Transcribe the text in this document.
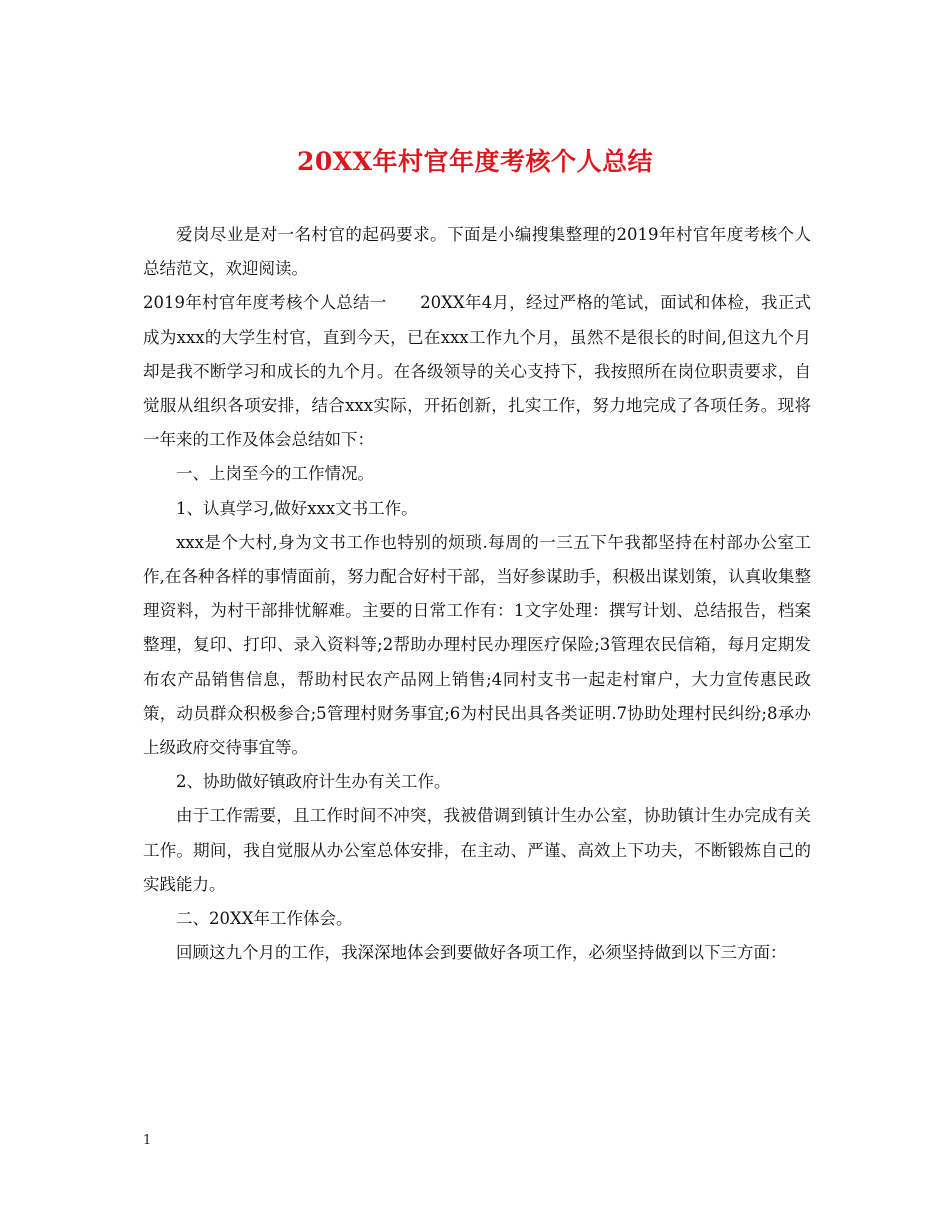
20XX年村官年度考核个人总结

爱岗尽业是对一名村官的起码要求。下面是小编搜集整理的2019年村官年度考核个人总结范文，欢迎阅读。

2019年村官年度考核个人总结一　　20XX年4月，经过严格的笔试，面试和体检，我正式成为xxx的大学生村官，直到今天，已在xxx工作九个月，虽然不是很长的时间,但这九个月却是我不断学习和成长的九个月。在各级领导的关心支持下，我按照所在岗位职责要求，自觉服从组织各项安排，结合xxx实际，开拓创新，扎实工作，努力地完成了各项任务。现将一年来的工作及体会总结如下：

一、上岗至今的工作情况。

1、认真学习,做好xxx文书工作。

xxx是个大村,身为文书工作也特别的烦琐.每周的一三五下午我都坚持在村部办公室工作,在各种各样的事情面前，努力配合好村干部，当好参谋助手，积极出谋划策，认真收集整理资料，为村干部排忧解难。主要的日常工作有：1文字处理：撰写计划、总结报告，档案整理，复印、打印、录入资料等;2帮助办理村民办理医疗保险;3管理农民信箱，每月定期发布农产品销售信息，帮助村民农产品网上销售;4同村支书一起走村窜户，大力宣传惠民政策，动员群众积极参合;5管理村财务事宜;6为村民出具各类证明.7协助处理村民纠纷;8承办上级政府交待事宜等。

2、协助做好镇政府计生办有关工作。

由于工作需要，且工作时间不冲突，我被借调到镇计生办公室，协助镇计生办完成有关工作。期间，我自觉服从办公室总体安排，在主动、严谨、高效上下功夫，不断锻炼自己的实践能力。

二、20XX年工作体会。

回顾这九个月的工作，我深深地体会到要做好各项工作，必须坚持做到以下三方面：

1
